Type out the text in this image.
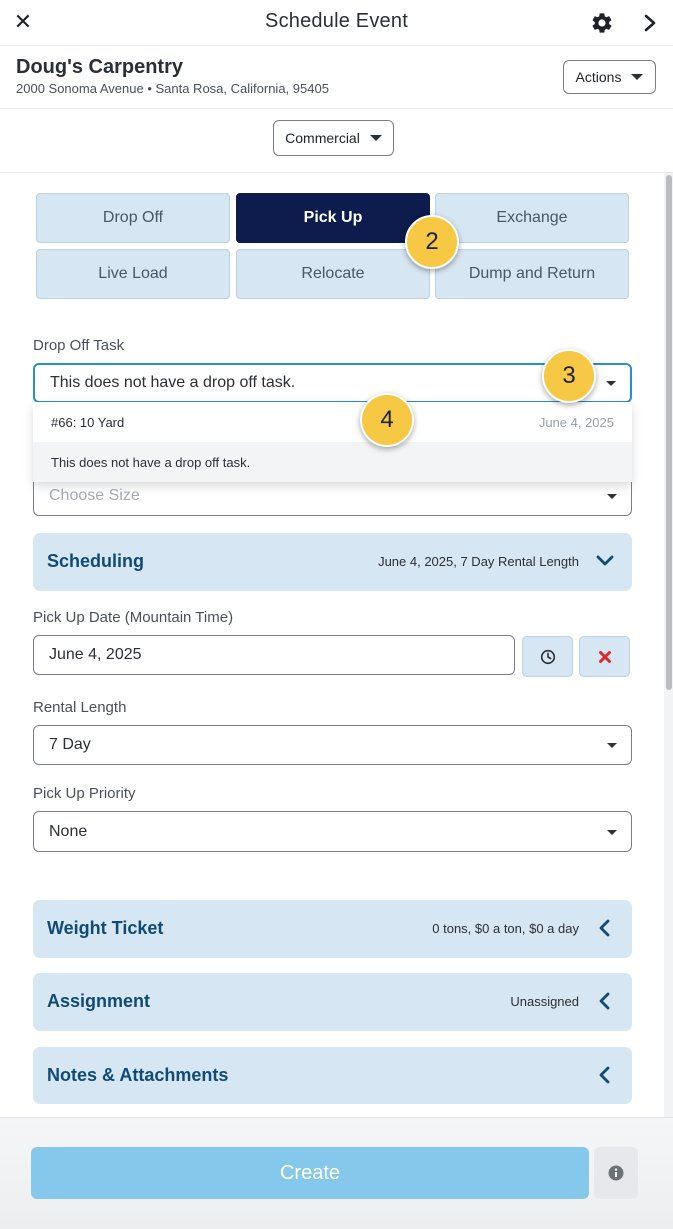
✕	Schedule Event
Doug's Carpentry
2000 Sonoma Avenue • Santa Rosa, California, 95405
Actions
Commercial
Drop Off	Pick Up	Exchange
Live Load	Relocate	Dump and Return
Drop Off Task
This does not have a drop off task.
Choose Size
#66: 10 Yard	June 4, 2025
This does not have a drop off task.
Scheduling	June 4, 2025, 7 Day Rental Length
Pick Up Date (Mountain Time)
June 4, 2025
Rental Length
7 Day
Pick Up Priority
None
Weight Ticket	0 tons, $0 a ton, $0 a day
Assignment	Unassigned
Notes & Attachments
2
3
4
Create
